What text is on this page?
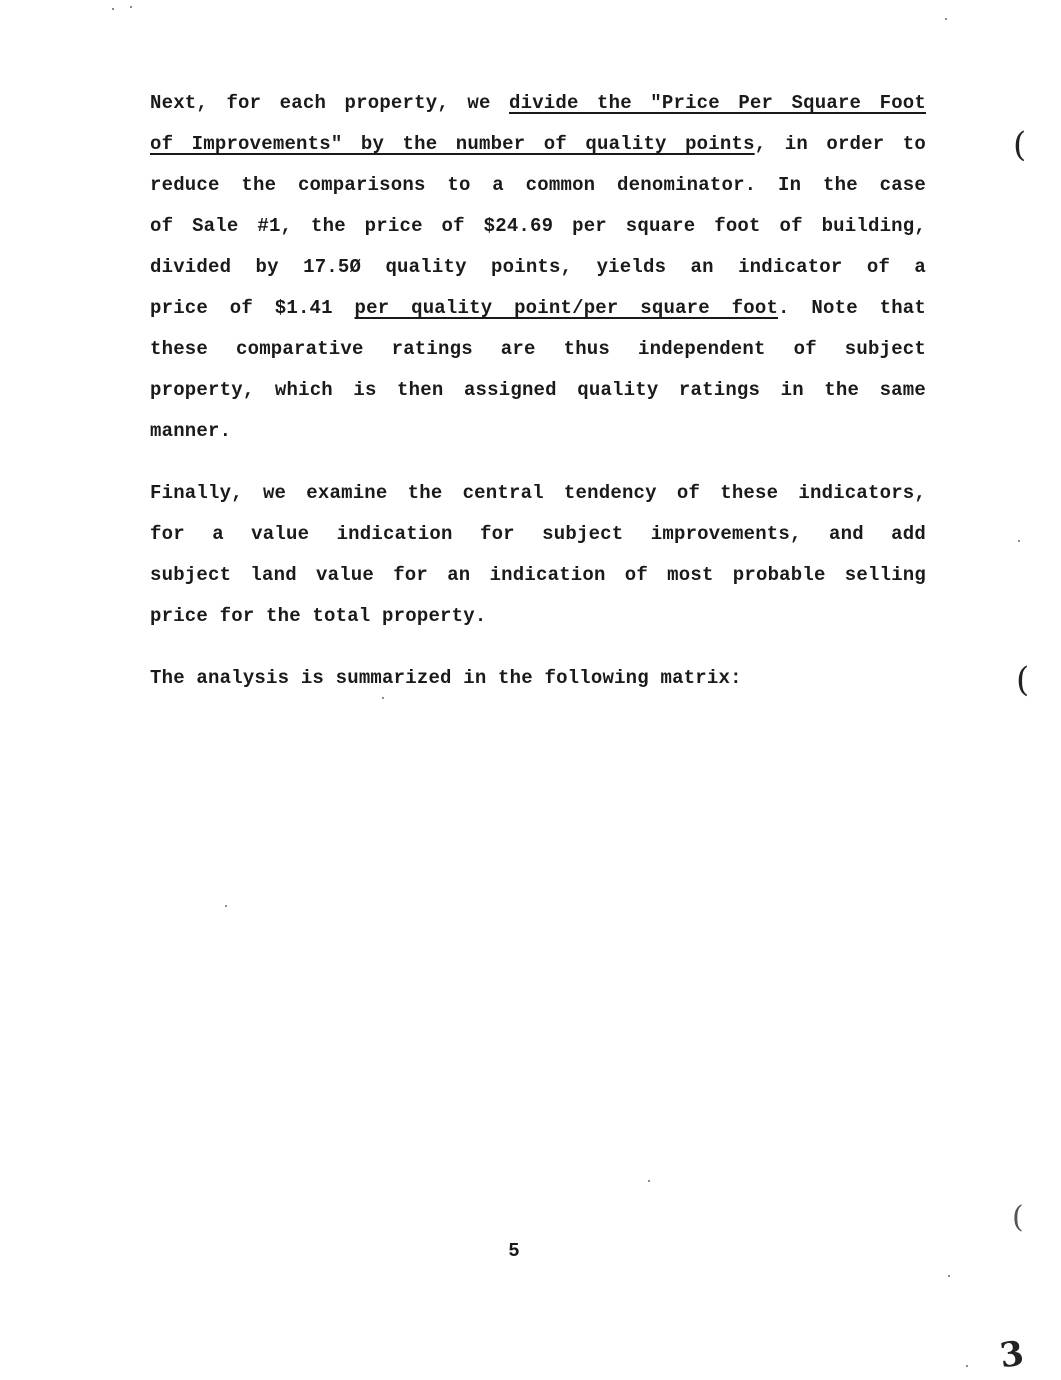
Next, for each property, we divide the "Price Per Square Foot
of Improvements" by the number of quality points, in order to
reduce the comparisons to a common denominator. In the case
of Sale #1, the price of $24.69 per square foot of building,
divided by 17.5Ø quality points, yields an indicator of a
price of $1.41 per quality point/per square foot. Note that
these comparative ratings are thus independent of subject
property, which is then assigned quality ratings in the same
manner.
Finally, we examine the central tendency of these indicators,
for a value indication for subject improvements, and add
subject land value for an indication of most probable selling
price for the total property.
The analysis is summarized in the following matrix:
5
(
(
(
3
